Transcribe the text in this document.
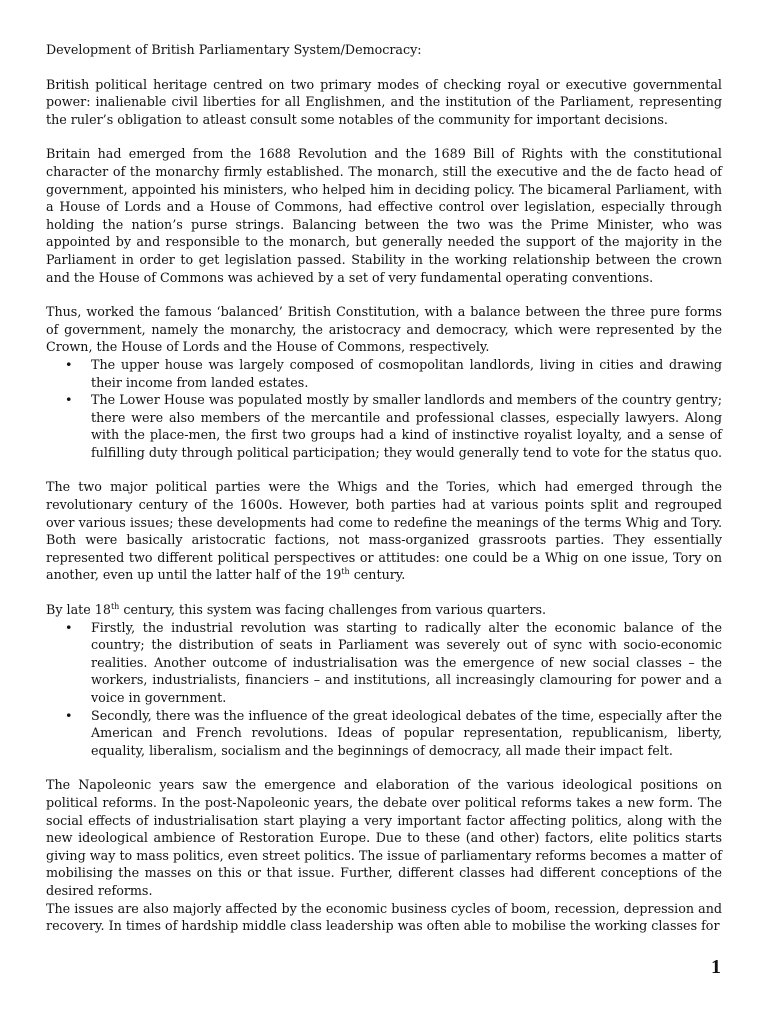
Development of British Parliamentary System/Democracy:

British political heritage centred on two primary modes of checking royal or executive governmental power: inalienable civil liberties for all Englishmen, and the institution of the Parliament, representing the ruler’s obligation to atleast consult some notables of the community for important decisions.

Britain had emerged from the 1688 Revolution and the 1689 Bill of Rights with the constitutional character of the monarchy firmly established. The monarch, still the executive and the de facto head of government, appointed his ministers, who helped him in deciding policy. The bicameral Parliament, with a House of Lords and a House of Commons, had effective control over legislation, especially through holding the nation’s purse strings. Balancing between the two was the Prime Minister, who was appointed by and responsible to the monarch, but generally needed the support of the majority in the Parliament in order to get legislation passed. Stability in the working relationship between the crown and the House of Commons was achieved by a set of very fundamental operating conventions.

Thus, worked the famous ‘balanced’ British Constitution, with a balance between the three pure forms of government, namely the monarchy, the aristocracy and democracy, which were represented by the Crown, the House of Lords and the House of Commons, respectively.

• The upper house was largely composed of cosmopolitan landlords, living in cities and drawing their income from landed estates.
• The Lower House was populated mostly by smaller landlords and members of the country gentry; there were also members of the mercantile and professional classes, especially lawyers. Along with the place-men, the first two groups had a kind of instinctive royalist loyalty, and a sense of fulfilling duty through political participation; they would generally tend to vote for the status quo.

The two major political parties were the Whigs and the Tories, which had emerged through the revolutionary century of the 1600s. However, both parties had at various points split and regrouped over various issues; these developments had come to redefine the meanings of the terms Whig and Tory. Both were basically aristocratic factions, not mass-organized grassroots parties. They essentially represented two different political perspectives or attitudes: one could be a Whig on one issue, Tory on another, even up until the latter half of the 19th century.

By late 18th century, this system was facing challenges from various quarters.

• Firstly, the industrial revolution was starting to radically alter the economic balance of the country; the distribution of seats in Parliament was severely out of sync with socio-economic realities. Another outcome of industrialisation was the emergence of new social classes – the workers, industrialists, financiers – and institutions, all increasingly clamouring for power and a voice in government.
• Secondly, there was the influence of the great ideological debates of the time, especially after the American and French revolutions. Ideas of popular representation, republicanism, liberty, equality, liberalism, socialism and the beginnings of democracy, all made their impact felt.

The Napoleonic years saw the emergence and elaboration of the various ideological positions on political reforms. In the post-Napoleonic years, the debate over political reforms takes a new form. The social effects of industrialisation start playing a very important factor affecting politics, along with the new ideological ambience of Restoration Europe. Due to these (and other) factors, elite politics starts giving way to mass politics, even street politics. The issue of parliamentary reforms becomes a matter of mobilising the masses on this or that issue. Further, different classes had different conceptions of the desired reforms.

The issues are also majorly affected by the economic business cycles of boom, recession, depression and recovery. In times of hardship middle class leadership was often able to mobilise the working classes for

1
